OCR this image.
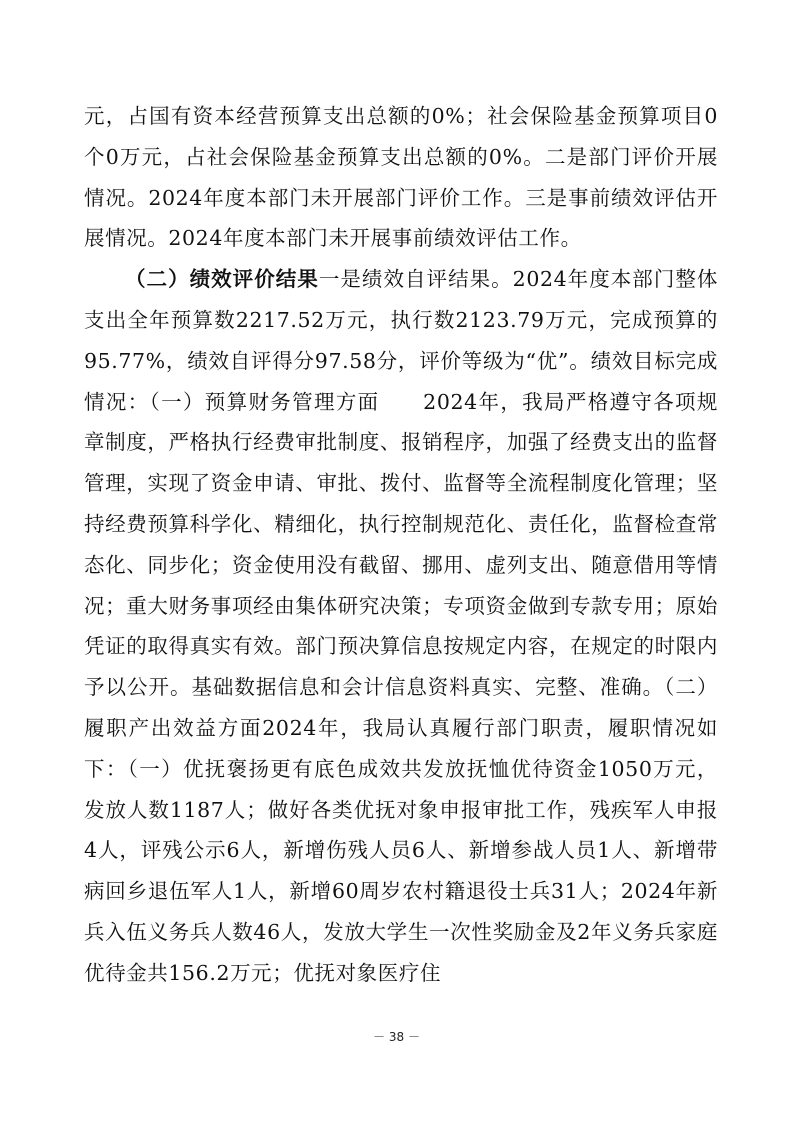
元，占国有资本经营预算支出总额的0%；社会保险基金预算项目0个0万元，占社会保险基金预算支出总额的0%。二是部门评价开展情况。2024年度本部门未开展部门评价工作。三是事前绩效评估开展情况。2024年度本部门未开展事前绩效评估工作。

（二）绩效评价结果一是绩效自评结果。2024年度本部门整体支出全年预算数2217.52万元，执行数2123.79万元，完成预算的95.77%，绩效自评得分97.58分，评价等级为“优”。绩效目标完成情况：（一）预算财务管理方面　　2024年，我局严格遵守各项规章制度，严格执行经费审批制度、报销程序，加强了经费支出的监督管理，实现了资金申请、审批、拨付、监督等全流程制度化管理；坚持经费预算科学化、精细化，执行控制规范化、责任化，监督检查常态化、同步化；资金使用没有截留、挪用、虚列支出、随意借用等情况；重大财务事项经由集体研究决策；专项资金做到专款专用；原始凭证的取得真实有效。部门预决算信息按规定内容，在规定的时限内予以公开。基础数据信息和会计信息资料真实、完整、准确。（二）履职产出效益方面2024年，我局认真履行部门职责，履职情况如下：（一）优抚褒扬更有底色成效共发放抚恤优待资金1050万元，发放人数1187人；做好各类优抚对象申报审批工作，残疾军人申报4人，评残公示6人，新增伤残人员6人、新增参战人员1人、新增带病回乡退伍军人1人，新增60周岁农村籍退役士兵31人；2024年新兵入伍义务兵人数46人，发放大学生一次性奖励金及2年义务兵家庭优待金共156.2万元；优抚对象医疗住

－ 38 －
